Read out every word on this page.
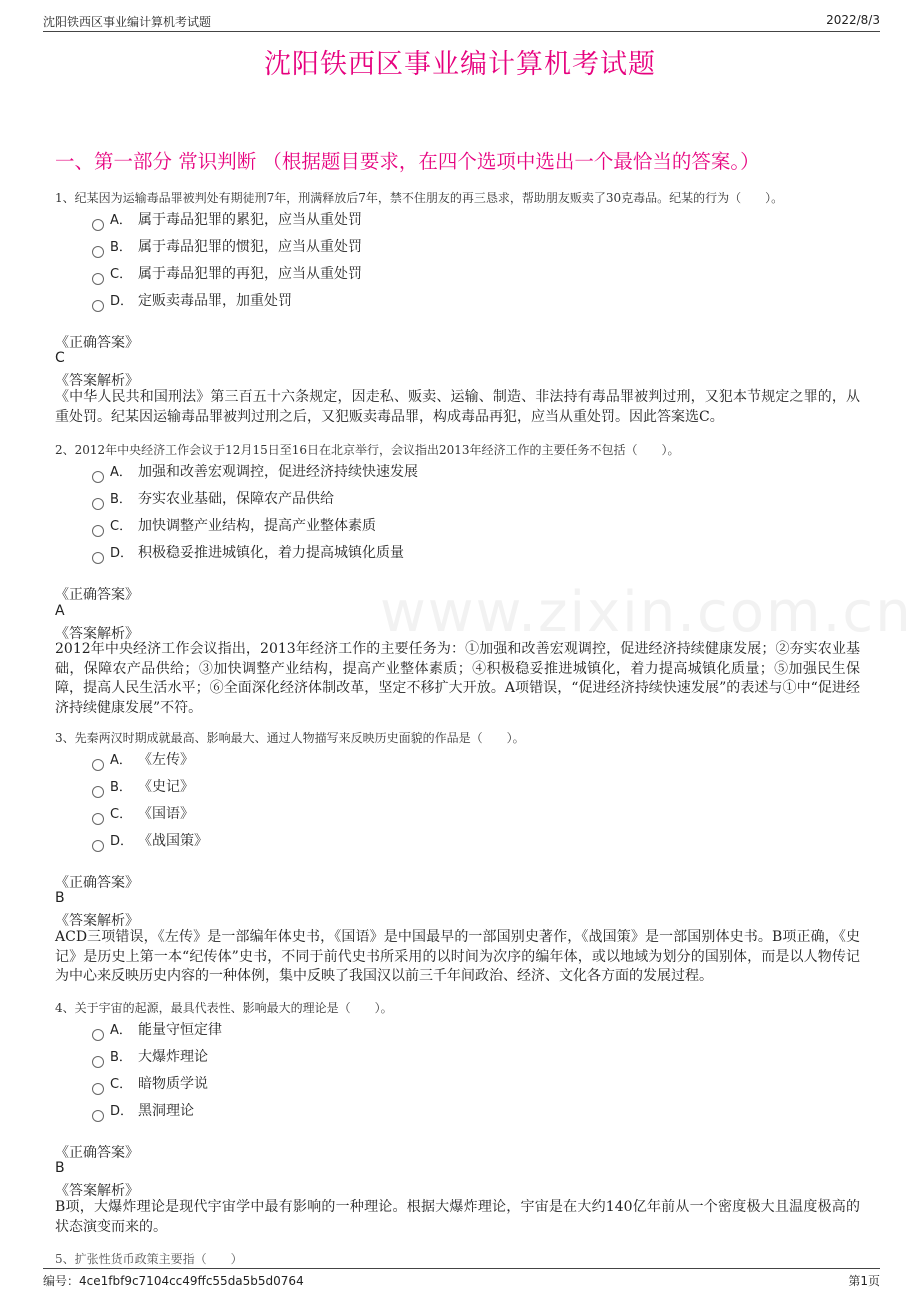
www.zixin.com.cn
沈阳铁西区事业编计算机考试题	2022/8/3
沈阳铁西区事业编计算机考试题
一、第一部分 常识判断 （根据题目要求，在四个选项中选出一个最恰当的答案。）
1、纪某因为运输毒品罪被判处有期徒刑7年，刑满释放后7年，禁不住朋友的再三恳求，帮助朋友贩卖了30克毒品。纪某的行为（　　）。
A． 属于毒品犯罪的累犯，应当从重处罚
B． 属于毒品犯罪的惯犯，应当从重处罚
C． 属于毒品犯罪的再犯，应当从重处罚
D． 定贩卖毒品罪，加重处罚
《正确答案》
C
《答案解析》
《中华人民共和国刑法》第三百五十六条规定，因走私、贩卖、运输、制造、非法持有毒品罪被判过刑，又犯本节规定之罪的，从重处罚。纪某因运输毒品罪被判过刑之后，又犯贩卖毒品罪，构成毒品再犯，应当从重处罚。因此答案选C。
2、2012年中央经济工作会议于12月15日至16日在北京举行，会议指出2013年经济工作的主要任务不包括（　　）。
A． 加强和改善宏观调控，促进经济持续快速发展
B． 夯实农业基础，保障农产品供给
C． 加快调整产业结构，提高产业整体素质
D． 积极稳妥推进城镇化，着力提高城镇化质量
《正确答案》
A
《答案解析》
2012年中央经济工作会议指出，2013年经济工作的主要任务为：①加强和改善宏观调控，促进经济持续健康发展；②夯实农业基础，保障农产品供给；③加快调整产业结构，提高产业整体素质；④积极稳妥推进城镇化，着力提高城镇化质量；⑤加强民生保障，提高人民生活水平；⑥全面深化经济体制改革，坚定不移扩大开放。A项错误，“促进经济持续快速发展”的表述与①中“促进经济持续健康发展”不符。
3、先秦两汉时期成就最高、影响最大、通过人物描写来反映历史面貌的作品是（　　）。
A． 《左传》
B． 《史记》
C． 《国语》
D． 《战国策》
《正确答案》
B
《答案解析》
ACD三项错误，《左传》是一部编年体史书，《国语》是中国最早的一部国别史著作，《战国策》是一部国别体史书。B项正确，《史记》是历史上第一本“纪传体”史书，不同于前代史书所采用的以时间为次序的编年体，或以地域为划分的国别体，而是以人物传记为中心来反映历史内容的一种体例，集中反映了我国汉以前三千年间政治、经济、文化各方面的发展过程。
4、关于宇宙的起源，最具代表性、影响最大的理论是（　　）。
A． 能量守恒定律
B． 大爆炸理论
C． 暗物质学说
D． 黑洞理论
《正确答案》
B
《答案解析》
B项，大爆炸理论是现代宇宙学中最有影响的一种理论。根据大爆炸理论，宇宙是在大约140亿年前从一个密度极大且温度极高的状态演变而来的。
5、扩张性货币政策主要指（　　）
编号：4ce1fbf9c7104cc49ffc55da5b5d0764	第1页
